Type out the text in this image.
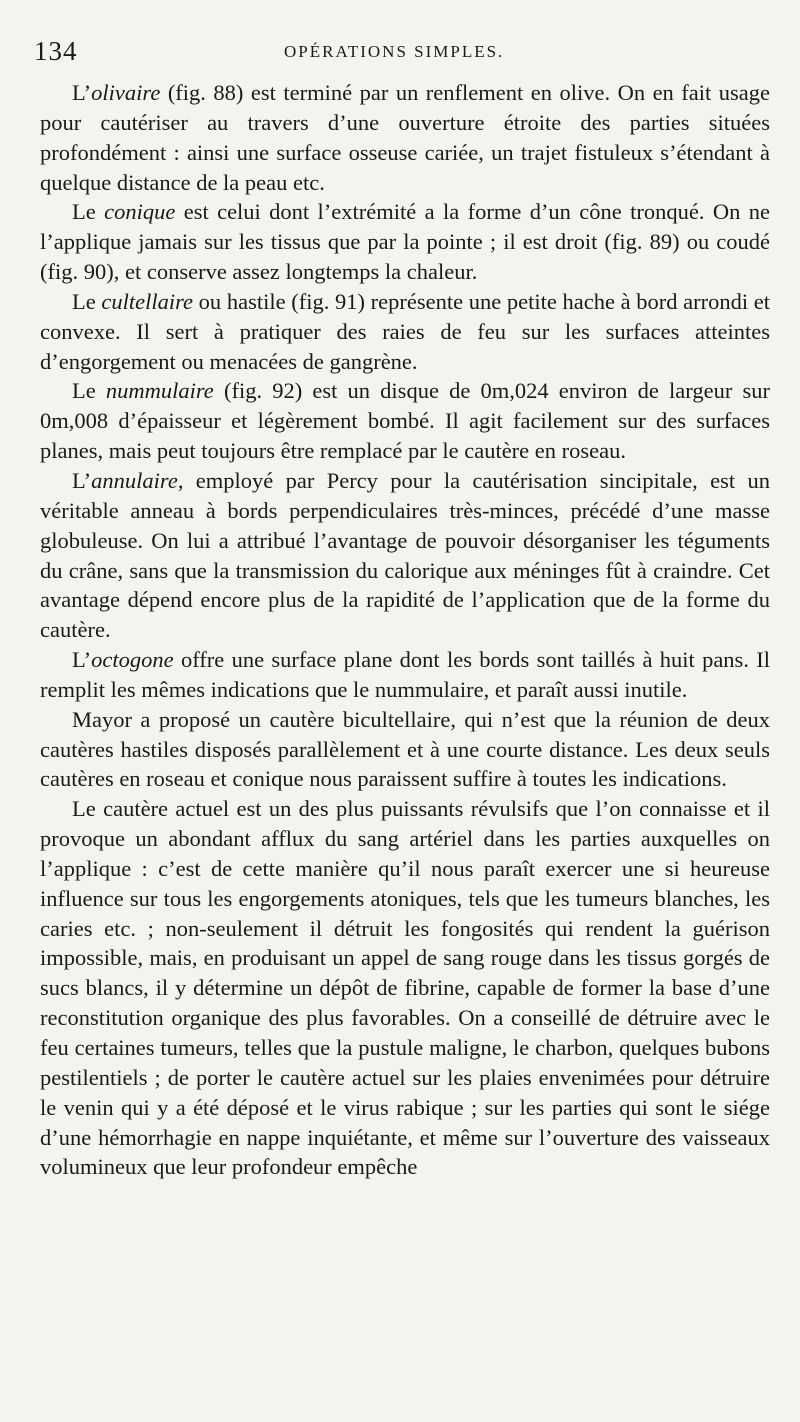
134	OPÉRATIONS SIMPLES.

L’olivaire (fig. 88) est terminé par un renflement en olive. On en fait usage pour cautériser au travers d’une ouverture étroite des parties situées profondément : ainsi une surface osseuse cariée, un trajet fistuleux s’étendant à quelque distance de la peau etc.

Le conique est celui dont l’extrémité a la forme d’un cône tronqué. On ne l’applique jamais sur les tissus que par la pointe ; il est droit (fig. 89) ou coudé (fig. 90), et conserve assez longtemps la chaleur.

Le cultellaire ou hastile (fig. 91) représente une petite hache à bord arrondi et convexe. Il sert à pratiquer des raies de feu sur les surfaces atteintes d’engorgement ou menacées de gangrène.

Le nummulaire (fig. 92) est un disque de 0m,024 environ de largeur sur 0m,008 d’épaisseur et légèrement bombé. Il agit facilement sur des surfaces planes, mais peut toujours être remplacé par le cautère en roseau.

L’annulaire, employé par Percy pour la cautérisation sincipitale, est un véritable anneau à bords perpendiculaires très-minces, précédé d’une masse globuleuse. On lui a attribué l’avantage de pouvoir désorganiser les téguments du crâne, sans que la transmission du calorique aux méninges fût à craindre. Cet avantage dépend encore plus de la rapidité de l’application que de la forme du cautère.

L’octogone offre une surface plane dont les bords sont taillés à huit pans. Il remplit les mêmes indications que le nummulaire, et paraît aussi inutile.

Mayor a proposé un cautère bicultellaire, qui n’est que la réunion de deux cautères hastiles disposés parallèlement et à une courte distance. Les deux seuls cautères en roseau et conique nous paraissent suffire à toutes les indications.

Le cautère actuel est un des plus puissants révulsifs que l’on connaisse et il provoque un abondant afflux du sang artériel dans les parties auxquelles on l’applique : c’est de cette manière qu’il nous paraît exercer une si heureuse influence sur tous les engorgements atoniques, tels que les tumeurs blanches, les caries etc. ; non-seulement il détruit les fongosités qui rendent la guérison impossible, mais, en produisant un appel de sang rouge dans les tissus gorgés de sucs blancs, il y détermine un dépôt de fibrine, capable de former la base d’une reconstitution organique des plus favorables. On a conseillé de détruire avec le feu certaines tumeurs, telles que la pustule maligne, le charbon, quelques bubons pestilentiels ; de porter le cautère actuel sur les plaies envenimées pour détruire le venin qui y a été déposé et le virus rabique ; sur les parties qui sont le siége d’une hémorrhagie en nappe inquiétante, et même sur l’ouverture des vaisseaux volumineux que leur profondeur empêche
